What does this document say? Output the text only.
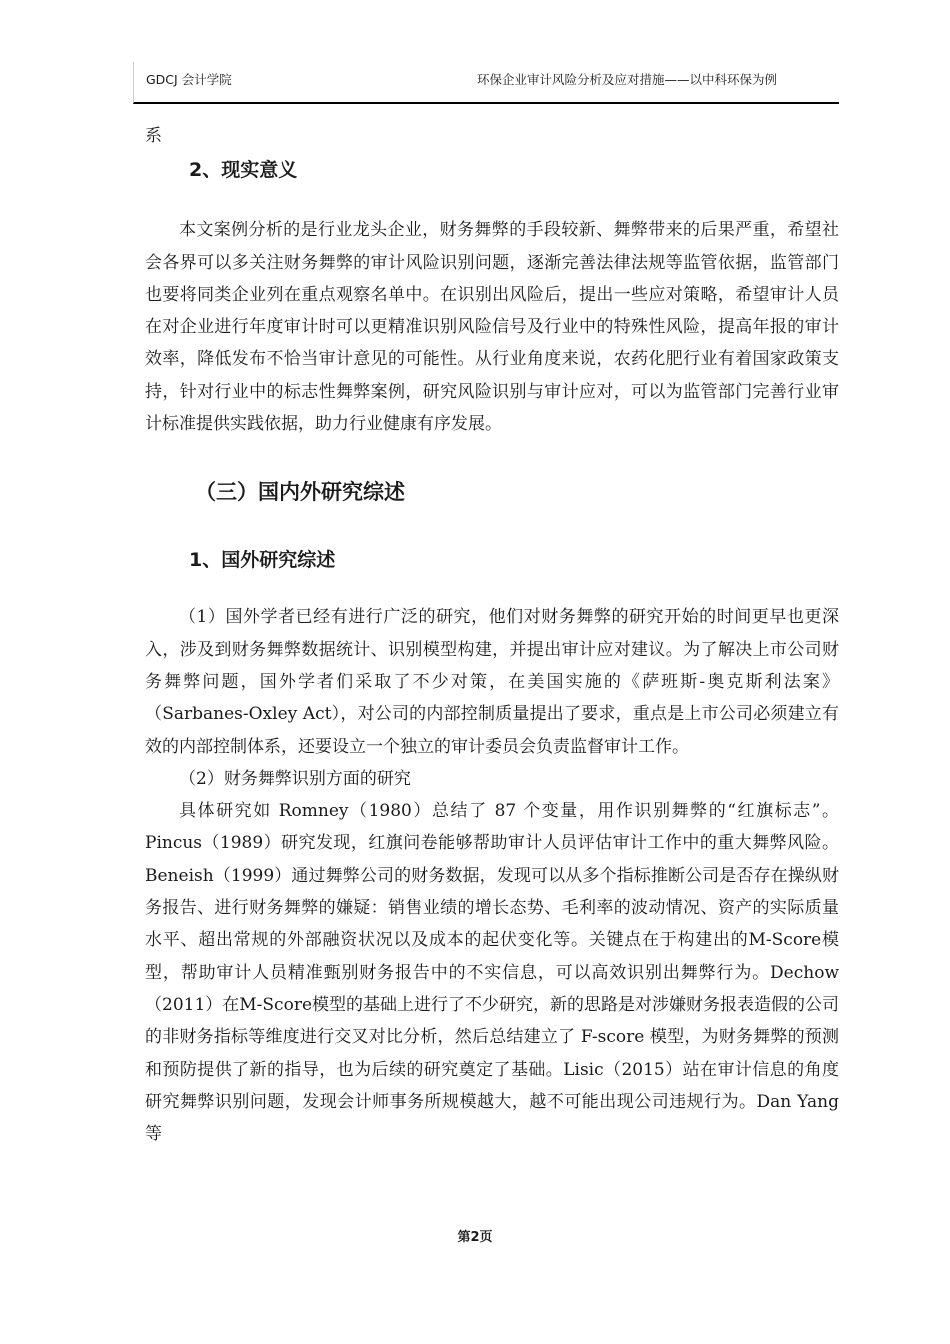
GDCJ 会计学院	环保企业审计风险分析及应对措施——以中科环保为例

系

2、现实意义

本文案例分析的是行业龙头企业，财务舞弊的手段较新、舞弊带来的后果严重，希望社会各界可以多关注财务舞弊的审计风险识别问题，逐渐完善法律法规等监管依据，监管部门也要将同类企业列在重点观察名单中。在识别出风险后，提出一些应对策略，希望审计人员在对企业进行年度审计时可以更精准识别风险信号及行业中的特殊性风险，提高年报的审计效率，降低发布不恰当审计意见的可能性。从行业角度来说，农药化肥行业有着国家政策支持，针对行业中的标志性舞弊案例，研究风险识别与审计应对，可以为监管部门完善行业审计标准提供实践依据，助力行业健康有序发展。

（三）国内外研究综述
1、国外研究综述

（1）国外学者已经有进行广泛的研究，他们对财务舞弊的研究开始的时间更早也更深入，涉及到财务舞弊数据统计、识别模型构建，并提出审计应对建议。为了解决上市公司财务舞弊问题，国外学者们采取了不少对策，在美国实施的《萨班斯-奥克斯利法案》（Sarbanes-Oxley Act），对公司的内部控制质量提出了要求，重点是上市公司必须建立有效的内部控制体系，还要设立一个独立的审计委员会负责监督审计工作。

（2）财务舞弊识别方面的研究

具体研究如 Romney（1980）总结了 87 个变量，用作识别舞弊的“红旗标志”。Pincus（1989）研究发现，红旗问卷能够帮助审计人员评估审计工作中的重大舞弊风险。Beneish（1999）通过舞弊公司的财务数据，发现可以从多个指标推断公司是否存在操纵财务报告、进行财务舞弊的嫌疑：销售业绩的增长态势、毛利率的波动情况、资产的实际质量水平、超出常规的外部融资状况以及成本的起伏变化等。关键点在于构建出的M-Score模型，帮助审计人员精准甄别财务报告中的不实信息，可以高效识别出舞弊行为。Dechow（2011）在M-Score模型的基础上进行了不少研究，新的思路是对涉嫌财务报表造假的公司的非财务指标等维度进行交叉对比分析，然后总结建立了 F-score 模型，为财务舞弊的预测和预防提供了新的指导，也为后续的研究奠定了基础。Lisic（2015）站在审计信息的角度研究舞弊识别问题，发现会计师事务所规模越大，越不可能出现公司违规行为。Dan Yang 等

第2页
